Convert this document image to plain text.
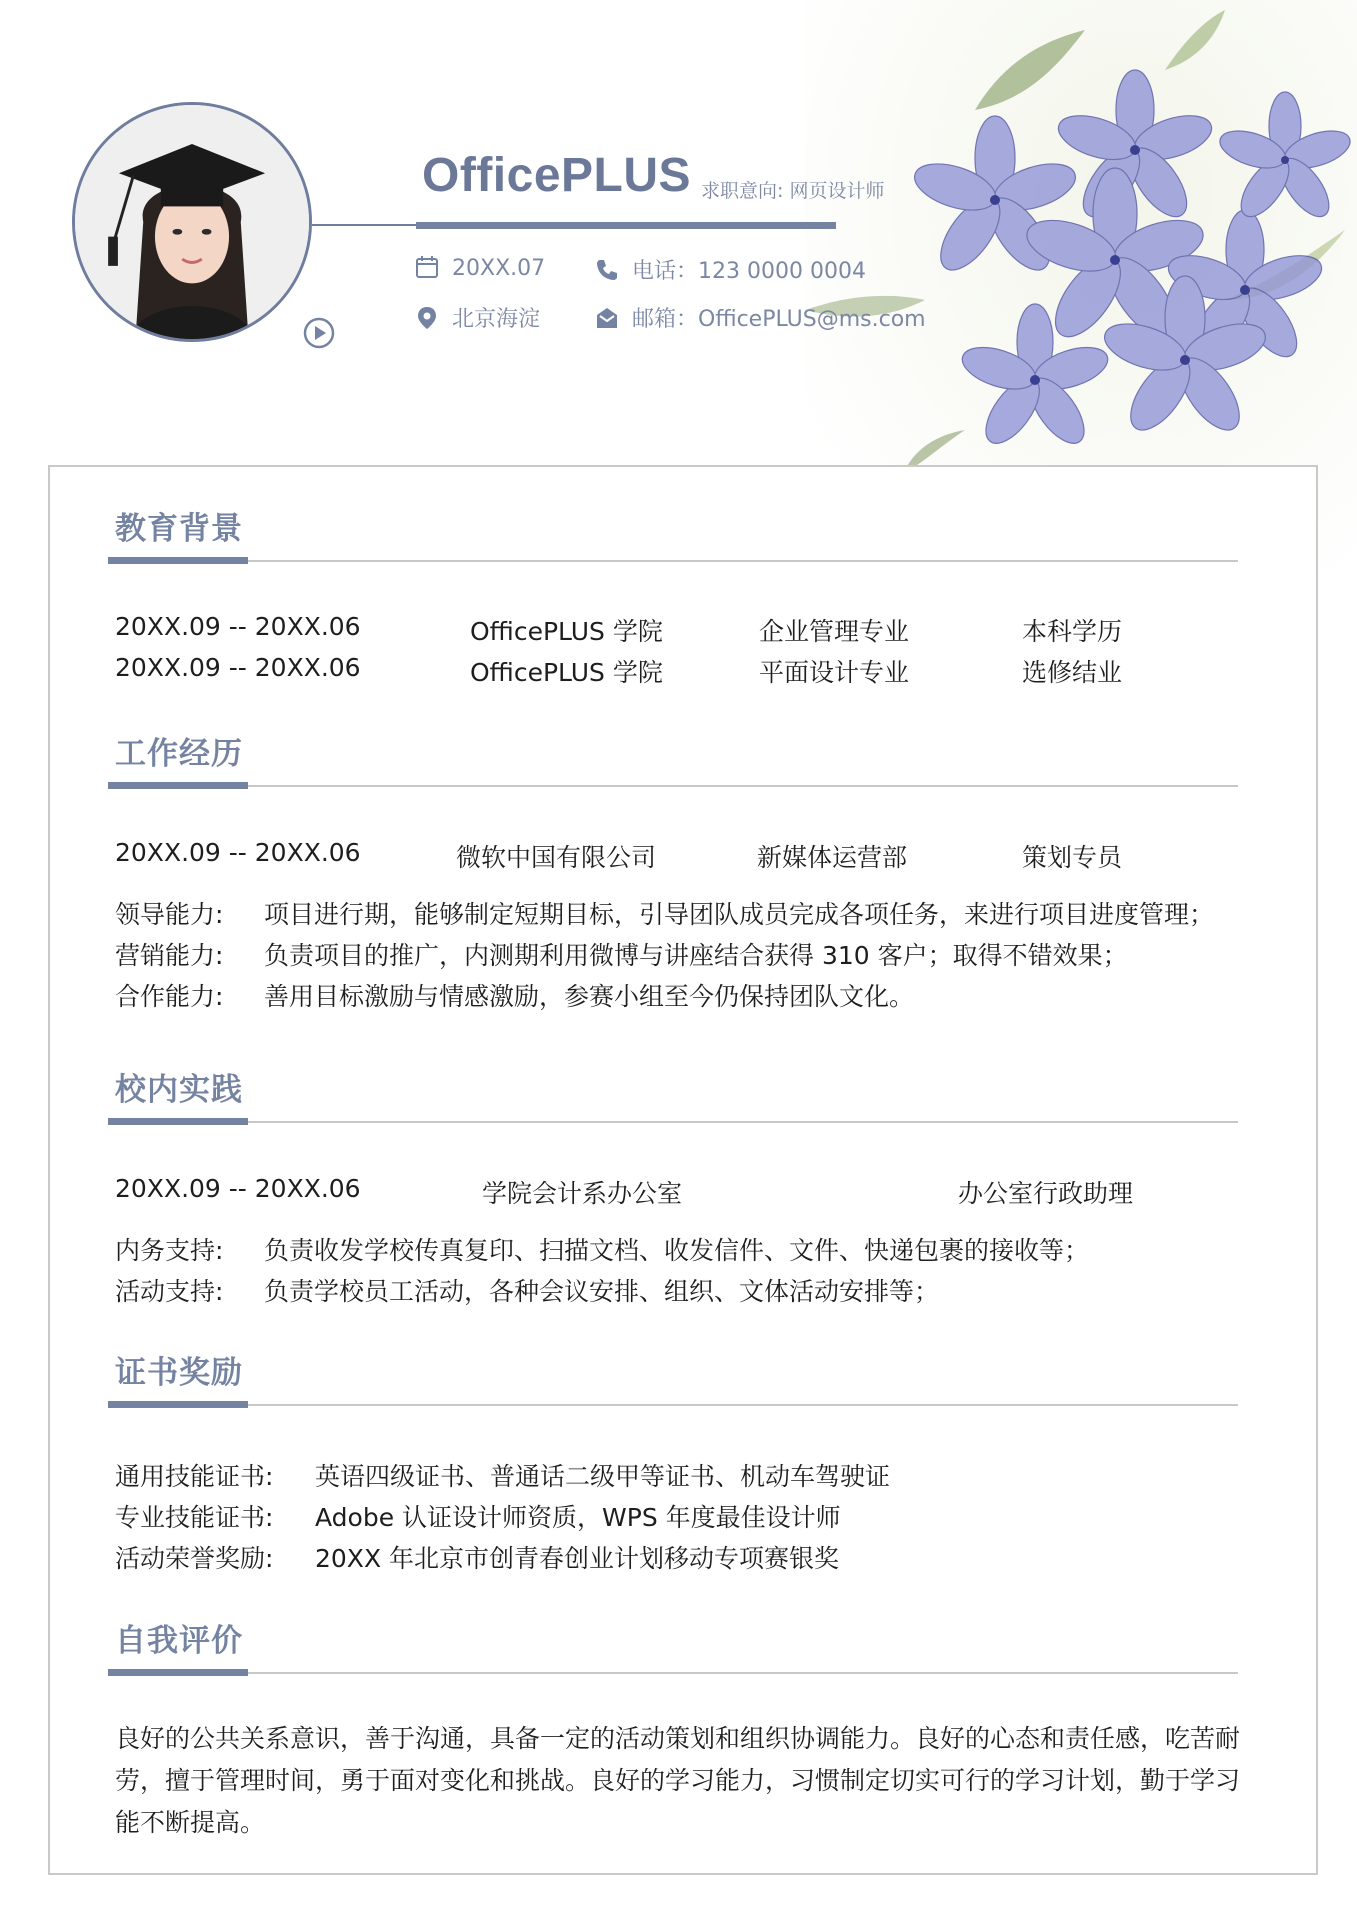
OfficePLUS 求职意向: 网页设计师
20XX.07	电话：123 0000 0004
北京海淀	邮箱：OfficePLUS@ms.com
教育背景
20XX.09 -- 20XX.06	OfficePLUS 学院	企业管理专业	本科学历
20XX.09 -- 20XX.06	OfficePLUS 学院	平面设计专业	选修结业
工作经历
20XX.09 -- 20XX.06	微软中国有限公司	新媒体运营部	策划专员
领导能力: 项目进行期，能够制定短期目标，引导团队成员完成各项任务，来进行项目进度管理；
营销能力: 负责项目的推广，内测期利用微博与讲座结合获得 310 客户；取得不错效果；
合作能力: 善用目标激励与情感激励，参赛小组至今仍保持团队文化。
校内实践
20XX.09 -- 20XX.06	学院会计系办公室	办公室行政助理
内务支持: 负责收发学校传真复印、扫描文档、收发信件、文件、快递包裹的接收等；
活动支持: 负责学校员工活动，各种会议安排、组织、文体活动安排等；
证书奖励
通用技能证书: 英语四级证书、普通话二级甲等证书、机动车驾驶证
专业技能证书: Adobe 认证设计师资质，WPS 年度最佳设计师
活动荣誉奖励: 20XX 年北京市创青春创业计划移动专项赛银奖
自我评价
良好的公共关系意识，善于沟通，具备一定的活动策划和组织协调能力。良好的心态和责任感，吃苦耐
劳，擅于管理时间，勇于面对变化和挑战。良好的学习能力，习惯制定切实可行的学习计划，勤于学习
能不断提高。
